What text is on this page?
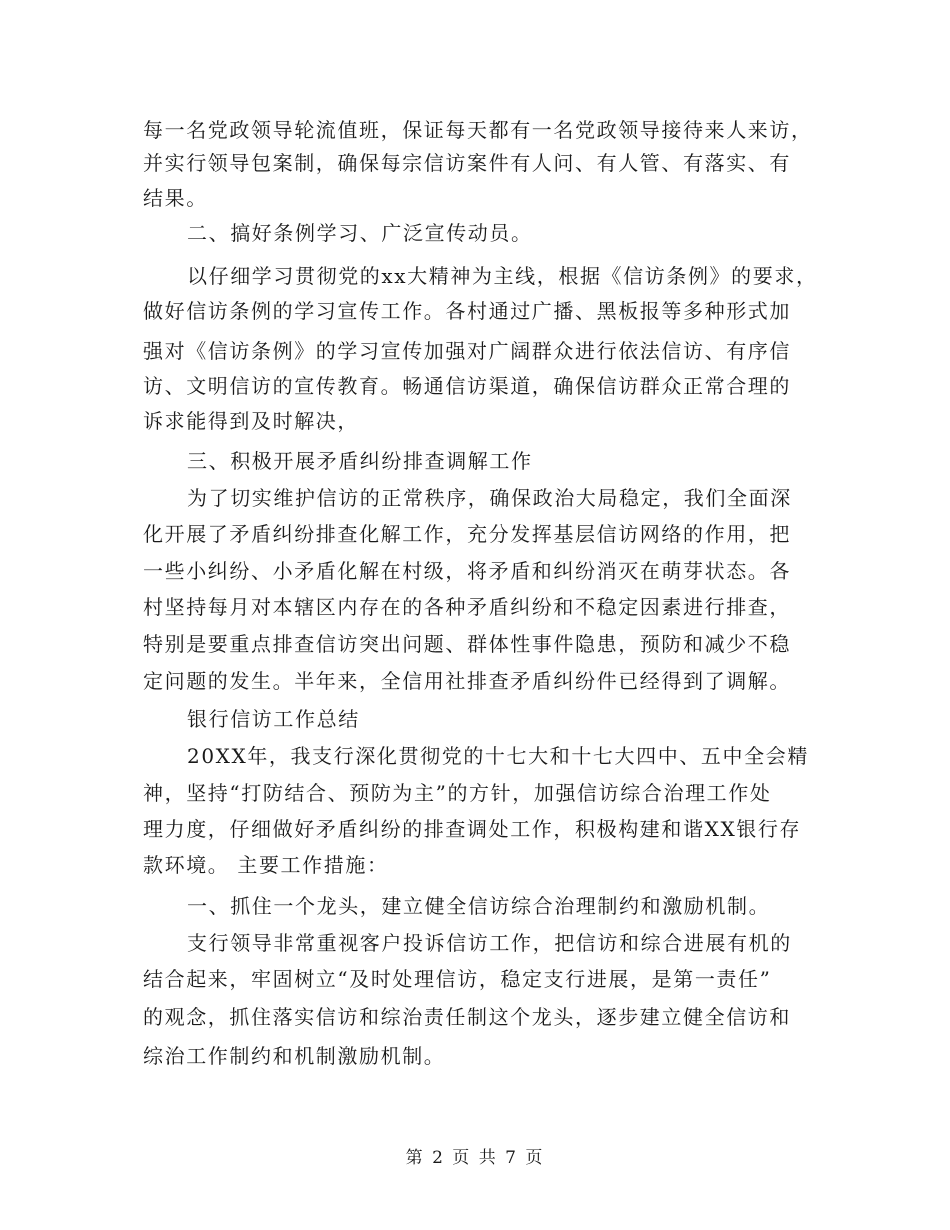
每一名党政领导轮流值班，保证每天都有一名党政领导接待来人来访，
并实行领导包案制，确保每宗信访案件有人问、有人管、有落实、有
结果。
二、搞好条例学习、广泛宣传动员。
以仔细学习贯彻党的xx大精神为主线，根据《信访条例》的要求，
做好信访条例的学习宣传工作。各村通过广播、黑板报等多种形式加
强对《信访条例》的学习宣传加强对广阔群众进行依法信访、有序信
访、文明信访的宣传教育。畅通信访渠道，确保信访群众正常合理的
诉求能得到及时解决，
三、积极开展矛盾纠纷排查调解工作
为了切实维护信访的正常秩序，确保政治大局稳定，我们全面深
化开展了矛盾纠纷排查化解工作，充分发挥基层信访网络的作用，把
一些小纠纷、小矛盾化解在村级，将矛盾和纠纷消灭在萌芽状态。各
村坚持每月对本辖区内存在的各种矛盾纠纷和不稳定因素进行排查，
特别是要重点排查信访突出问题、群体性事件隐患，预防和减少不稳
定问题的发生。半年来，全信用社排查矛盾纠纷件已经得到了调解。
银行信访工作总结
20XX年，我支行深化贯彻党的十七大和十七大四中、五中全会精
神，坚持“打防结合、预防为主”的方针，加强信访综合治理工作处
理力度，仔细做好矛盾纠纷的排查调处工作，积极构建和谐XX银行存
款环境。 主要工作措施：
一、抓住一个龙头，建立健全信访综合治理制约和激励机制。
支行领导非常重视客户投诉信访工作，把信访和综合进展有机的
结合起来，牢固树立“及时处理信访，稳定支行进展，是第一责任”
的观念，抓住落实信访和综治责任制这个龙头，逐步建立健全信访和
综治工作制约和机制激励机制。
第 2 页 共 7 页
